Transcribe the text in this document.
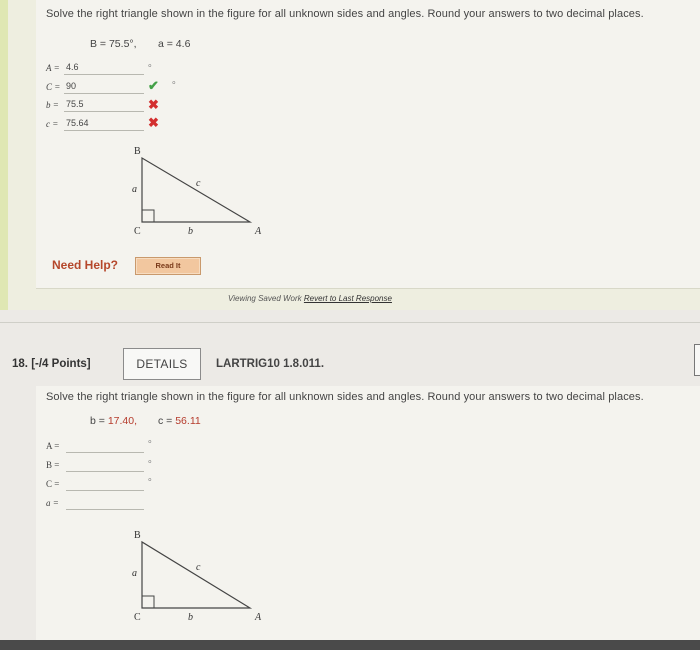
Solve the right triangle shown in the figure for all unknown sides and angles. Round your answers to two decimal places.
B = 75.5°, a = 4.6
A = 4.6	∘
C = 90	✔ ∘
b = 75.5	✖
c = 75.64	✖
B
a
c
C	b	A
Need Help?	Read It
Viewing Saved Work Revert to Last Response
18. [-/4 Points]	DETAILS	LARTRIG10 1.8.011.
Solve the right triangle shown in the figure for all unknown sides and angles. Round your answers to two decimal places.
b = 17.40, c = 56.11
A =	∘
B =	∘
C =	∘
a =
B
a
c
C	b	A
